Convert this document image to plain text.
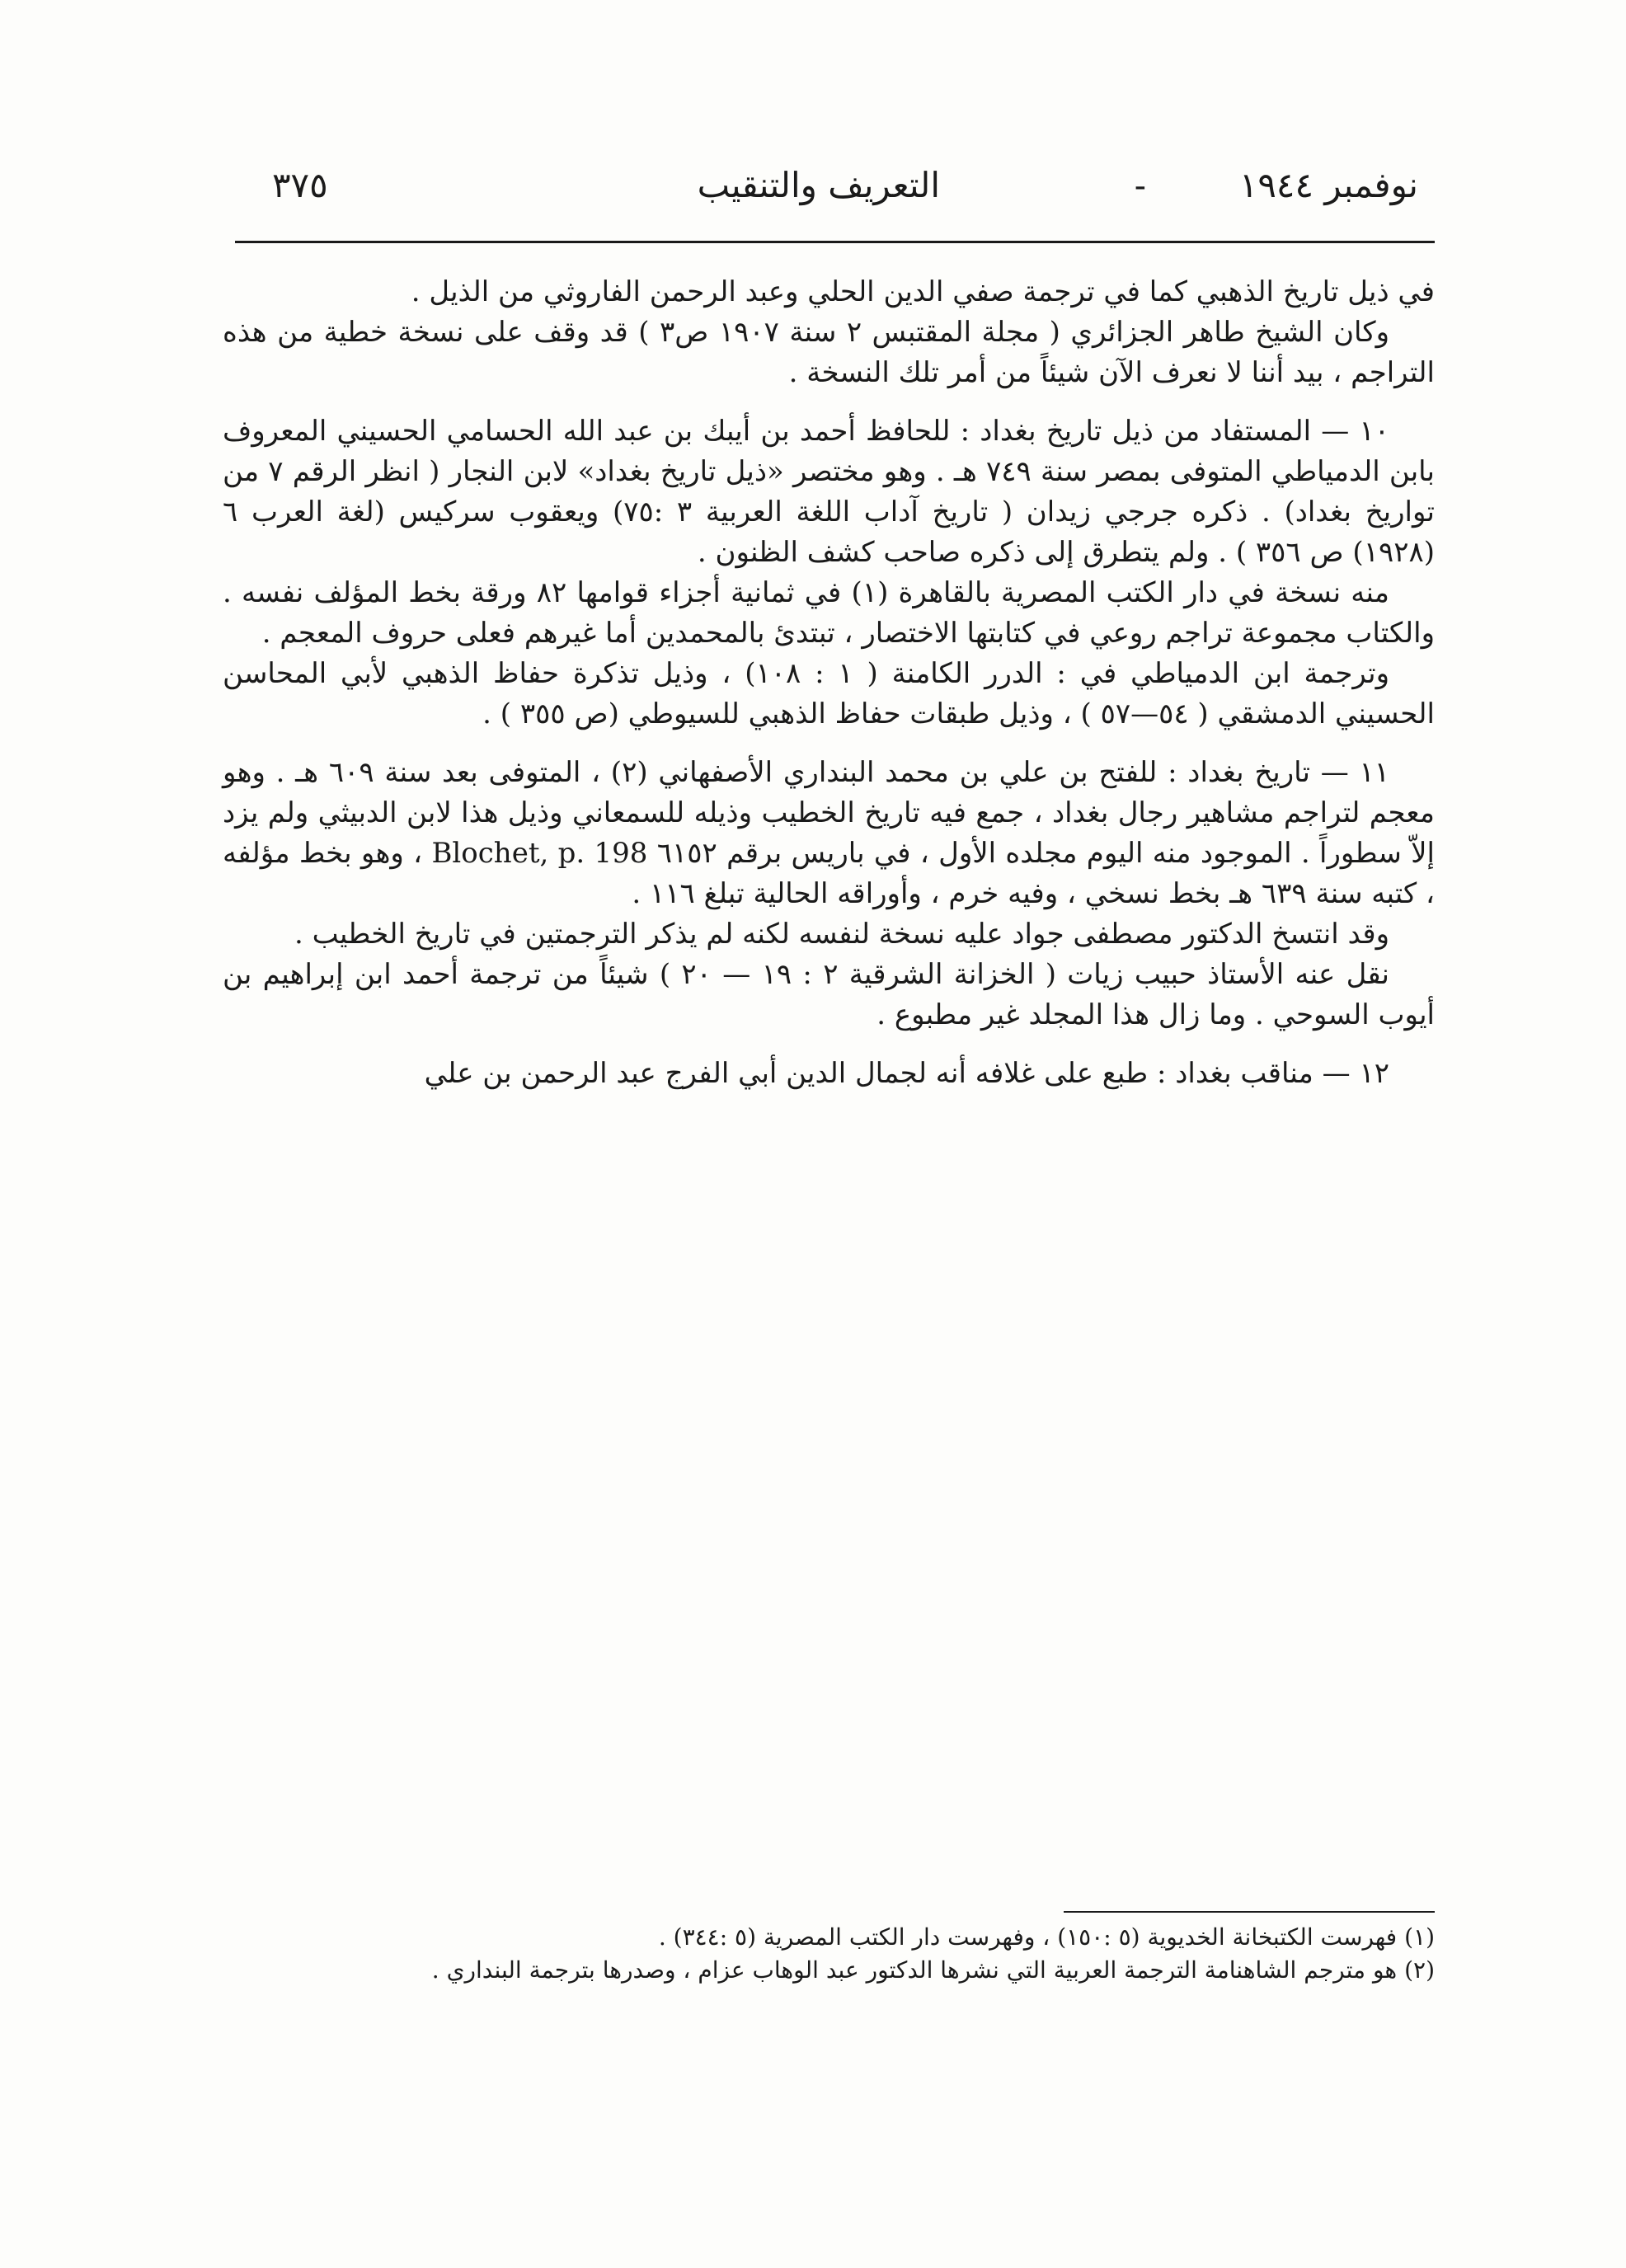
نوفمبر ١٩٤٤
-
التعريف والتنقيب
٣٧٥

في ذيل تاريخ الذهبي كما في ترجمة صفي الدين الحلي وعبد الرحمن الفاروثي من الذيل .

وكان الشيخ طاهر الجزائري ( مجلة المقتبس ٢ سنة ١٩٠٧ ص٣ ) قد وقف على نسخة خطية من هذه التراجم ، بيد أننا لا نعرف الآن شيئاً من أمر تلك النسخة .

١٠ — المستفاد من ذيل تاريخ بغداد : للحافظ أحمد بن أيبك بن عبد الله الحسامي الحسيني المعروف بابن الدمياطي المتوفى بمصر سنة ٧٤٩ هـ . وهو مختصر «ذيل تاريخ بغداد» لابن النجار ( انظر الرقم ٧ من تواريخ بغداد) . ذكره جرجي زيدان ( تاريخ آداب اللغة العربية ٣ :٧٥) ويعقوب سركيس (لغة العرب ٦ (١٩٢٨) ص ٣٥٦ ) . ولم يتطرق إلى ذكره صاحب كشف الظنون .

منه نسخة في دار الكتب المصرية بالقاهرة (١) في ثمانية أجزاء قوامها ٨٢ ورقة بخط المؤلف نفسه . والكتاب مجموعة تراجم روعي في كتابتها الاختصار ، تبتدئ بالمحمدين أما غيرهم فعلى حروف المعجم .

وترجمة ابن الدمياطي في : الدرر الكامنة ( ١ : ١٠٨) ، وذيل تذكرة حفاظ الذهبي لأبي المحاسن الحسيني الدمشقي ( ٥٤—٥٧ ) ، وذيل طبقات حفاظ الذهبي للسيوطي (ص ٣٥٥ ) .

١١ — تاريخ بغداد : للفتح بن علي بن محمد البنداري الأصفهاني (٢) ، المتوفى بعد سنة ٦٠٩ هـ . وهو معجم لتراجم مشاهير رجال بغداد ، جمع فيه تاريخ الخطيب وذيله للسمعاني وذيل هذا لابن الدبيثي ولم يزد إلاّ سطوراً . الموجود منه اليوم مجلده الأول ، في باريس برقم ٦١٥٢ Blochet, p. 198 ، وهو بخط مؤلفه ، كتبه سنة ٦٣٩ هـ بخط نسخي ، وفيه خرم ، وأوراقه الحالية تبلغ ١١٦ .

وقد انتسخ الدكتور مصطفى جواد عليه نسخة لنفسه لكنه لم يذكر الترجمتين في تاريخ الخطيب .

نقل عنه الأستاذ حبيب زيات ( الخزانة الشرقية ٢ : ١٩ — ٢٠ ) شيئاً من ترجمة أحمد ابن إبراهيم بن أيوب السوحي . وما زال هذا المجلد غير مطبوع .

١٢ — مناقب بغداد : طبع على غلافه أنه لجمال الدين أبي الفرج عبد الرحمن بن علي

(١) فهرست الكتبخانة الخديوية (٥ :١٥٠) ، وفهرست دار الكتب المصرية (٥ :٣٤٤) .

(٢) هو مترجم الشاهنامة الترجمة العربية التي نشرها الدكتور عبد الوهاب عزام ، وصدرها بترجمة البنداري .
